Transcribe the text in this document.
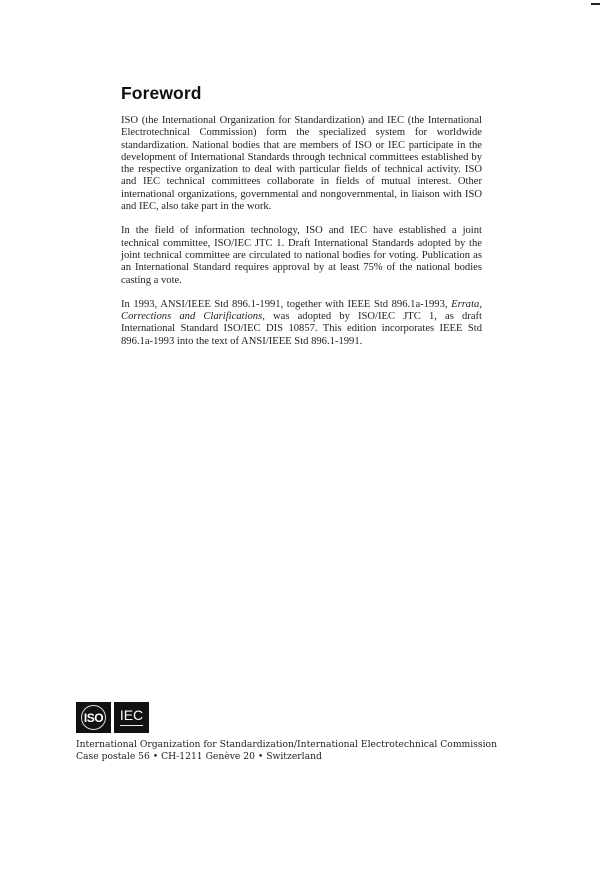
Foreword

ISO (the International Organization for Standardization) and IEC (the International Electrotechnical Commission) form the specialized system for worldwide standardization. National bodies that are members of ISO or IEC participate in the development of International Standards through technical committees established by the respective organization to deal with particular fields of technical activity. ISO and IEC technical committees collaborate in fields of mutual interest. Other international organizations, governmental and nongovernmental, in liaison with ISO and IEC, also take part in the work.

In the field of information technology, ISO and IEC have established a joint technical committee, ISO/IEC JTC 1. Draft International Standards adopted by the joint technical committee are circulated to national bodies for voting. Publication as an International Standard requires approval by at least 75% of the national bodies casting a vote.

In 1993, ANSI/IEEE Std 896.1-1991, together with IEEE Std 896.1a-1993, Errata, Corrections and Clarifications, was adopted by ISO/IEC JTC 1, as draft International Standard ISO/IEC DIS 10857. This edition incorporates IEEE Std 896.1a-1993 into the text of ANSI/IEEE Std 896.1-1991.

ISO IEC
International Organization for Standardization/International Electrotechnical Commission
Case postale 56 • CH-1211 Genève 20 • Switzerland
